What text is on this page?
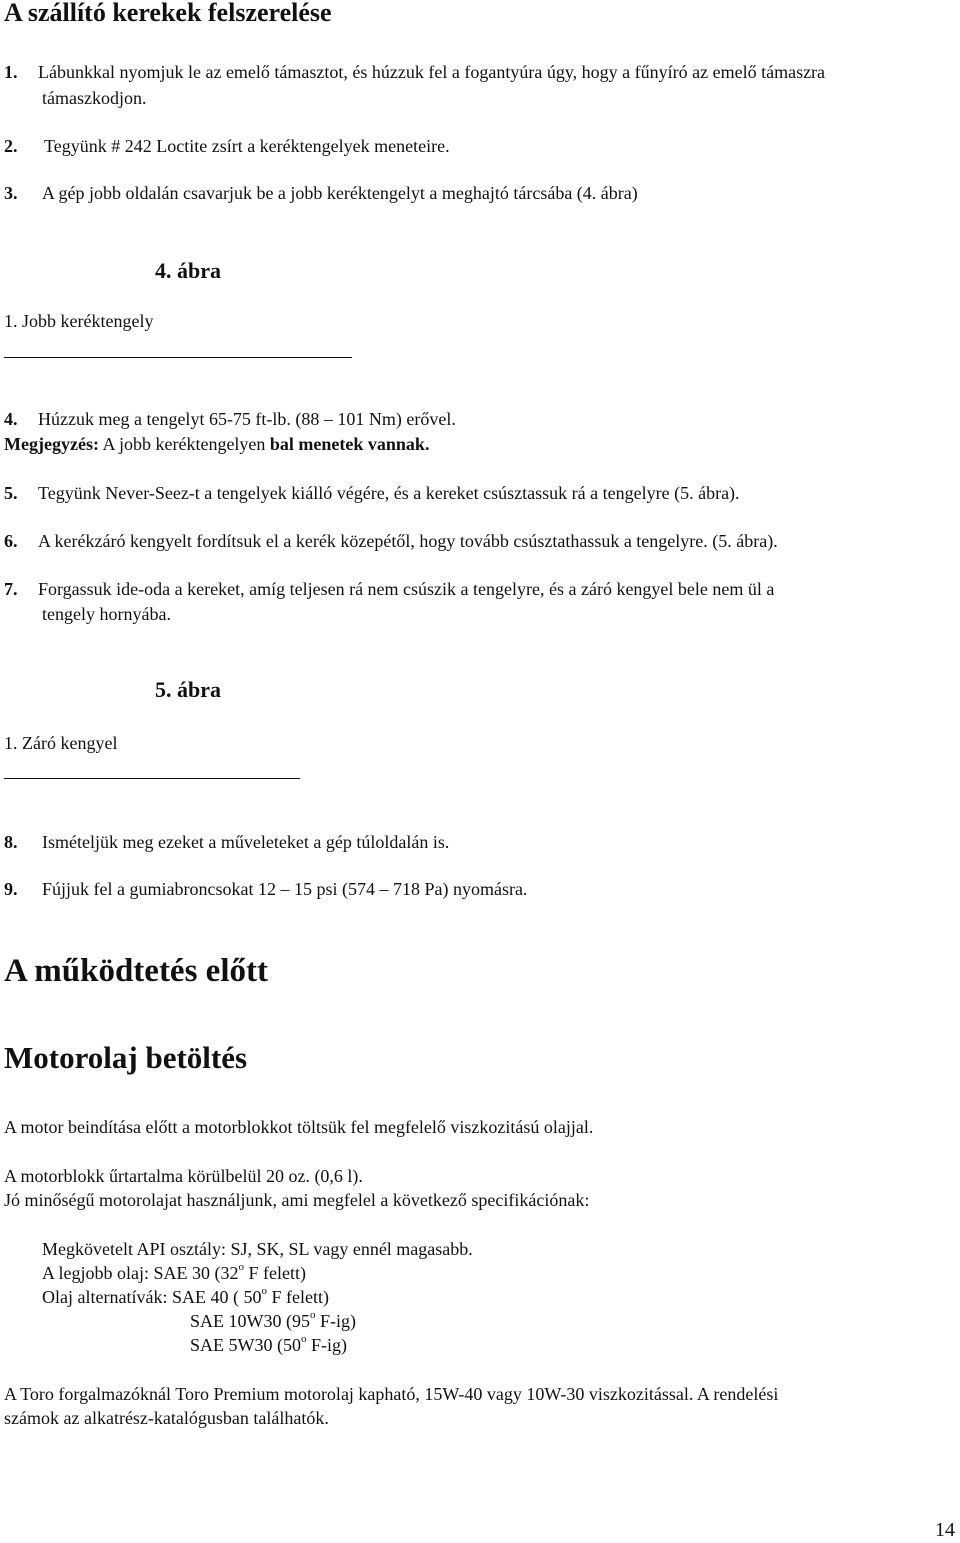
A szállító kerekek felszerelése
1. Lábunkkal nyomjuk le az emelő támasztot, és húzzuk fel a fogantyúra úgy, hogy a fűnyíró az emelő támaszra
támaszkodjon.
2. Tegyünk # 242 Loctite zsírt a keréktengelyek meneteire.
3. A gép jobb oldalán csavarjuk be a jobb keréktengelyt a meghajtó tárcsába (4. ábra)
4. ábra
1. Jobb keréktengely
4. Húzzuk meg a tengelyt 65-75 ft-lb. (88 – 101 Nm) erővel.
Megjegyzés: A jobb keréktengelyen bal menetek vannak.
5. Tegyünk Never-Seez-t a tengelyek kiálló végére, és a kereket csúsztassuk rá a tengelyre (5. ábra).
6. A kerékzáró kengyelt fordítsuk el a kerék közepétől, hogy tovább csúsztathassuk a tengelyre. (5. ábra).
7. Forgassuk ide-oda a kereket, amíg teljesen rá nem csúszik a tengelyre, és a záró kengyel bele nem ül a
tengely hornyába.
5. ábra
1. Záró kengyel
8. Ismételjük meg ezeket a műveleteket a gép túloldalán is.
9. Fújjuk fel a gumiabroncsokat 12 – 15 psi (574 – 718 Pa) nyomásra.
A működtetés előtt
Motorolaj betöltés
A motor beindítása előtt a motorblokkot töltsük fel megfelelő viszkozitású olajjal.
A motorblokk űrtartalma körülbelül 20 oz. (0,6 l).
Jó minőségű motorolajat használjunk, ami megfelel a következő specifikációnak:
Megkövetelt API osztály: SJ, SK, SL vagy ennél magasabb.
A legjobb olaj: SAE 30 (32$^o$ F felett)
Olaj alternatívák: SAE 40 ( 50$^o$ F felett)
SAE 10W30 (95$^o$ F-ig)
SAE 5W30 (50$^o$ F-ig)
A Toro forgalmazóknál Toro Premium motorolaj kapható, 15W-40 vagy 10W-30 viszkozitással. A rendelési
számok az alkatrész-katalógusban találhatók.
14
